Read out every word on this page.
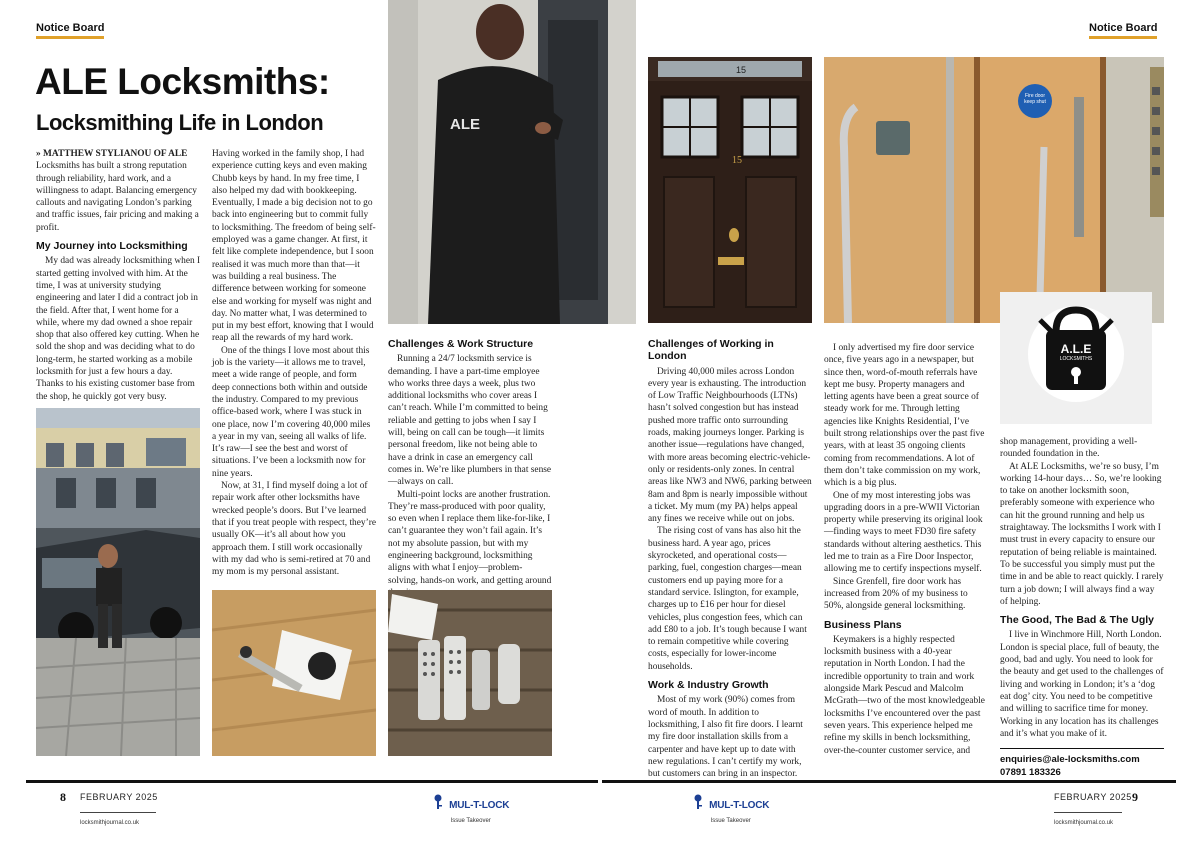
Notice Board	Notice Board
ALE Locksmiths:
Locksmithing Life in London

» MATTHEW STYLIANOU OF ALE Locksmiths has built a strong reputation through reliability, hard work, and a willingness to adapt. Balancing emergency callouts and navigating London’s parking and traffic issues, fair pricing and making a profit.

My Journey into Locksmithing

My dad was already locksmithing when I started getting involved with him. At the time, I was at university studying engineering and later I did a contract job in the field. After that, I went home for a while, where my dad owned a shoe repair shop that also offered key cutting. When he sold the shop and was deciding what to do long-term, he started working as a mobile locksmith for just a few hours a day. Thanks to his existing customer base from the shop, he quickly got very busy.

Having worked in the family shop, I had experience cutting keys and even making Chubb keys by hand. In my free time, I also helped my dad with bookkeeping. Eventually, I made a big decision not to go back into engineering but to commit fully to locksmithing. The freedom of being self-employed was a game changer. At first, it felt like complete independence, but I soon realised it was much more than that—it was building a real business. The difference between working for someone else and working for myself was night and day. No matter what, I was determined to put in my best effort, knowing that I would reap all the rewards of my hard work.

One of the things I love most about this job is the variety—it allows me to travel, meet a wide range of people, and form deep connections both within and outside the industry. Compared to my previous office-based work, where I was stuck in one place, now I’m covering 40,000 miles a year in my van, seeing all walks of life. It’s raw—I see the best and worst of situations. I’ve been a locksmith now for nine years.

Now, at 31, I find myself doing a lot of repair work after other locksmiths have wrecked people’s doors. But I’ve learned that if you treat people with respect, they’re usually OK—it’s all about how you approach them. I still work occasionally with my dad who is semi-retired at 70 and my mom is my personal assistant.

ALE
Challenges & Work Structure

Running a 24/7 locksmith service is demanding. I have a part-time employee who works three days a week, plus two additional locksmiths who cover areas I can’t reach. While I’m committed to being reliable and getting to jobs when I say I will, being on call can be tough—it limits personal freedom, like not being able to have a drink in case an emergency call comes in. We’re like plumbers in that sense—always on call.

Multi-point locks are another frustration. They’re mass-produced with poor quality, so even when I replace them like-for-like, I can’t guarantee they won’t fail again. It’s not my absolute passion, but with my engineering background, locksmithing aligns with what I enjoy—problem-solving, hands-on work, and getting around

15
15
Fire door keep shut
A.L.E
LOCKSMITHS
Challenges of Working in London

Driving 40,000 miles across London every year is exhausting. The introduction of Low Traffic Neighbourhoods (LTNs) hasn’t solved congestion but has instead pushed more traffic onto surrounding roads, making journeys longer. Parking is another issue—regulations have changed, with more areas becoming electric-vehicle-only or residents-only zones. In central areas like NW3 and NW6, parking between 8am and 8pm is nearly impossible without a ticket. My mum (my PA) helps appeal any fines we receive while out on jobs.

The rising cost of vans has also hit the business hard. A year ago, prices skyrocketed, and operational costs—parking, fuel, congestion charges—mean customers end up paying more for a standard service. Islington, for example, charges up to £16 per hour for diesel vehicles, plus congestion fees, which can add £80 to a job. It’s tough because I want to remain competitive while covering costs, especially for lower-income households.

Work & Industry Growth

Most of my work (90%) comes from word of mouth. In addition to locksmithing, I also fit fire doors. I learnt my fire door installation skills from a carpenter and have kept up to date with new regulations. I can’t certify my work, but customers can bring in an inspector.

I only advertised my fire door service once, five years ago in a newspaper, but since then, word-of-mouth referrals have kept me busy. Property managers and letting agents have been a great source of steady work for me. Through letting agencies like Knights Residential, I’ve built strong relationships over the past five years, with at least 35 ongoing clients coming from recommendations. A lot of them don’t take commission on my work, which is a big plus.

One of my most interesting jobs was upgrading doors in a pre-WWII Victorian property while preserving its original look—finding ways to meet FD30 fire safety standards without altering aesthetics. This led me to train as a Fire Door Inspector, allowing me to certify inspections myself.

Since Grenfell, fire door work has increased from 20% of my business to 50%, alongside general locksmithing.

Business Plans

Keymakers is a highly respected locksmith business with a 40-year reputation in North London. I had the incredible opportunity to train and work alongside Mark Pescud and Malcolm McGrath—two of the most knowledgeable locksmiths I’ve encountered over the past seven years. This experience helped me refine my skills in bench locksmithing, over-the-counter customer service, and

shop management, providing a well-rounded foundation in the.

At ALE Locksmiths, we’re so busy, I’m working 14-hour days… So, we’re looking to take on another locksmith soon, preferably someone with experience who can hit the ground running and help us straightaway. The locksmiths I work with I must trust in every capacity to ensure our reputation of being reliable is maintained. To be successful you simply must put the time in and be able to react quickly. I rarely turn a job down; I will always find a way of helping.

The Good, The Bad & The Ugly

I live in Winchmore Hill, North London. London is special place, full of beauty, the good, bad and ugly. You need to look for the beauty and get used to the challenges of living and working in London; it’s a ‘dog eat dog’ city. You need to be competitive and willing to sacrifice time for money. Working in any location has its challenges and it’s what you make of it.

enquiries@ale-locksmiths.com
07891 183326
8 FEBRUARY 2025
locksmithjournal.co.uk
MUL-T-LOCK
Issue Takeover
MUL-T-LOCK
Issue Takeover
FEBRUARY 2025 9
locksmithjournal.co.uk
